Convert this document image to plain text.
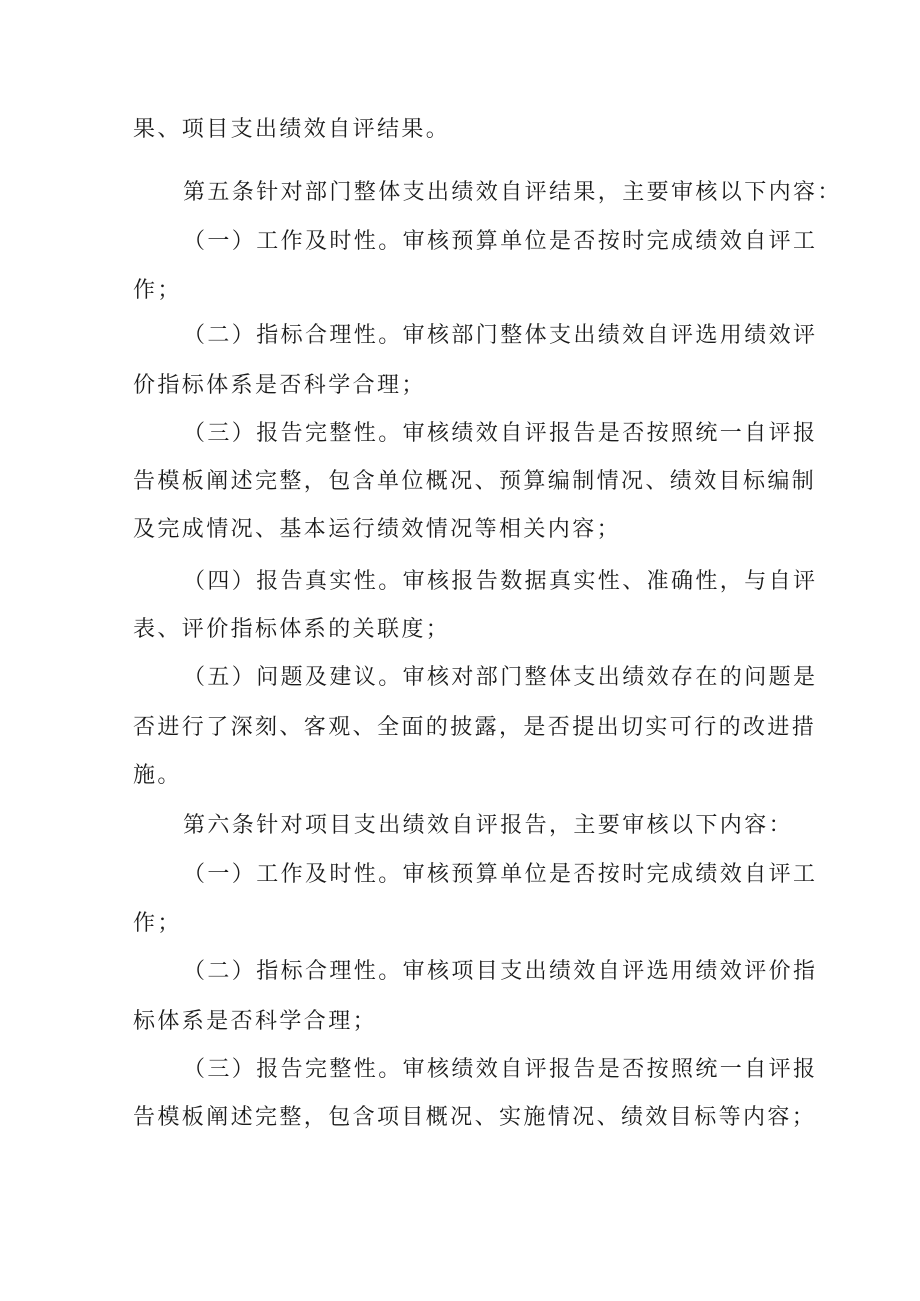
果、项目支出绩效自评结果。
第五条针对部门整体支出绩效自评结果，主要审核以下内容：
（一）工作及时性。审核预算单位是否按时完成绩效自评工
作；
（二）指标合理性。审核部门整体支出绩效自评选用绩效评
价指标体系是否科学合理；
（三）报告完整性。审核绩效自评报告是否按照统一自评报
告模板阐述完整，包含单位概况、预算编制情况、绩效目标编制
及完成情况、基本运行绩效情况等相关内容；
（四）报告真实性。审核报告数据真实性、准确性，与自评
表、评价指标体系的关联度；
（五）问题及建议。审核对部门整体支出绩效存在的问题是
否进行了深刻、客观、全面的披露，是否提出切实可行的改进措
施。
第六条针对项目支出绩效自评报告，主要审核以下内容：
（一）工作及时性。审核预算单位是否按时完成绩效自评工
作；
（二）指标合理性。审核项目支出绩效自评选用绩效评价指
标体系是否科学合理；
（三）报告完整性。审核绩效自评报告是否按照统一自评报
告模板阐述完整，包含项目概况、实施情况、绩效目标等内容；
